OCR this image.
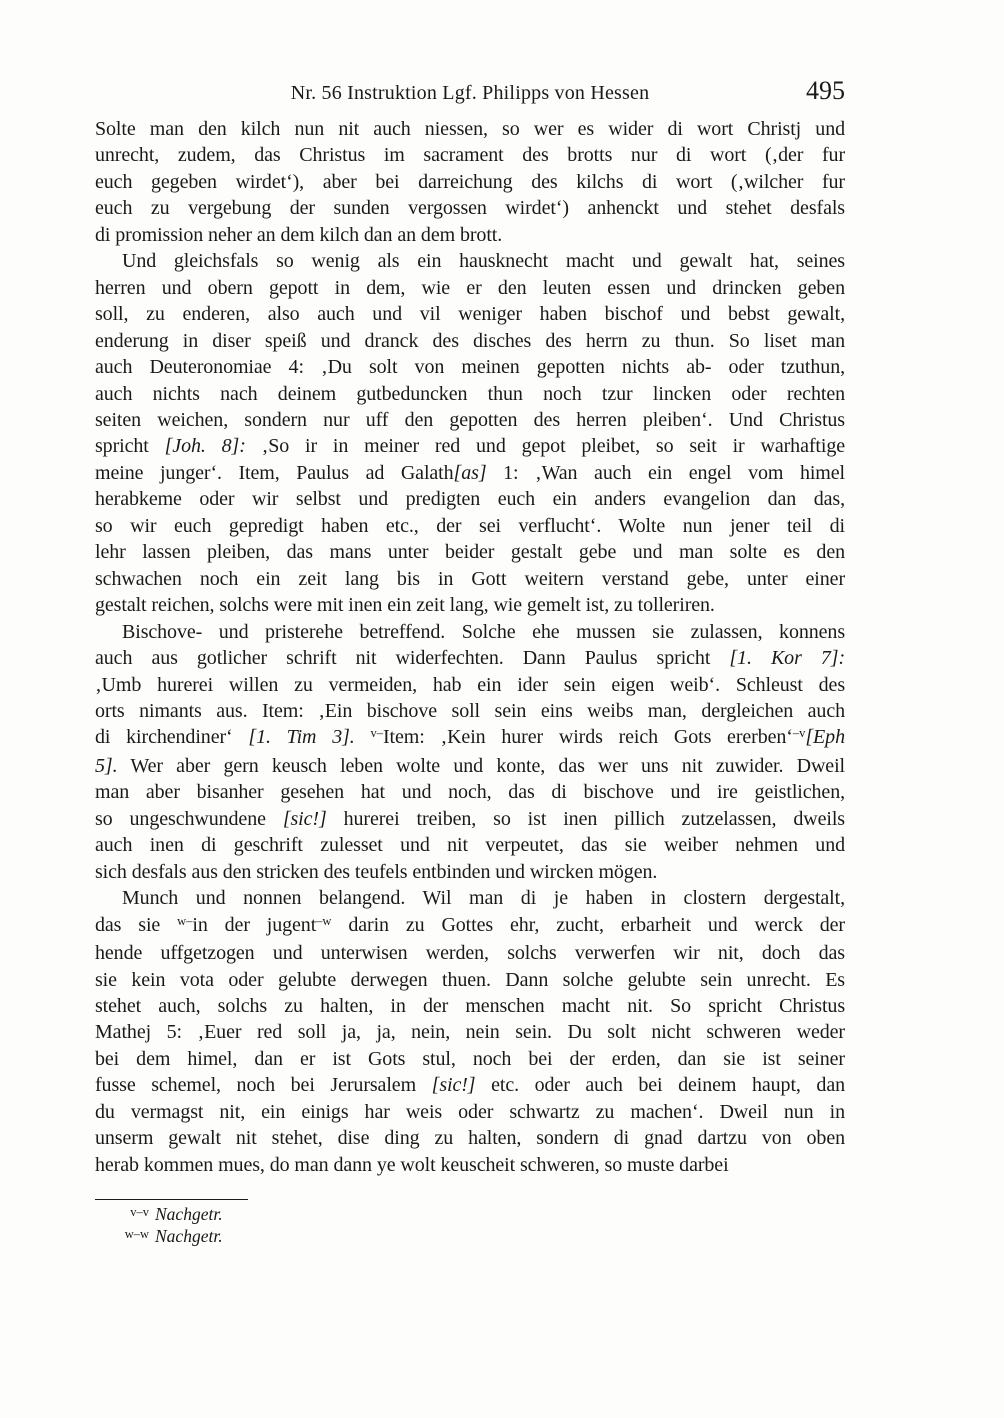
Nr. 56 Instruktion Lgf. Philipps von Hessen	495
Solte man den kilch nun nit auch niessen, so wer es wider di wort Christj und
unrecht, zudem, das Christus im sacrament des brotts nur di wort (‚der fur
euch gegeben wirdet‘), aber bei darreichung des kilchs di wort (‚wilcher fur
euch zu vergebung der sunden vergossen wirdet‘) anhenckt und stehet desfals
di promission neher an dem kilch dan an dem brott.
Und gleichsfals so wenig als ein hausknecht macht und gewalt hat, seines
herren und obern gepott in dem, wie er den leuten essen und drincken geben
soll, zu enderen, also auch und vil weniger haben bischof und bebst gewalt,
enderung in diser speiß und dranck des disches des herrn zu thun. So liset man
auch Deuteronomiae 4: ‚Du solt von meinen gepotten nichts ab- oder tzuthun,
auch nichts nach deinem gutbeduncken thun noch tzur lincken oder rechten
seiten weichen, sondern nur uff den gepotten des herren pleiben‘. Und Christus
spricht [Joh. 8]: ‚So ir in meiner red und gepot pleibet, so seit ir warhaftige
meine junger‘. Item, Paulus ad Galath[as] 1: ‚Wan auch ein engel vom himel
herabkeme oder wir selbst und predigten euch ein anders evangelion dan das,
so wir euch gepredigt haben etc., der sei verflucht‘. Wolte nun jener teil di
lehr lassen pleiben, das mans unter beider gestalt gebe und man solte es den
schwachen noch ein zeit lang bis in Gott weitern verstand gebe, unter einer
gestalt reichen, solchs were mit inen ein zeit lang, wie gemelt ist, zu tolleriren.
Bischove- und pristerehe betreffend. Solche ehe mussen sie zulassen, konnens
auch aus gotlicher schrift nit widerfechten. Dann Paulus spricht [1. Kor 7]:
‚Umb hurerei willen zu vermeiden, hab ein ider sein eigen weib‘. Schleust des
orts nimants aus. Item: ‚Ein bischove soll sein eins weibs man, dergleichen auch
di kirchendiner‘ [1. Tim 3]. $^{v-}$Item: ‚Kein hurer wirds reich Gots ererben‘$^{-v}$[Eph
5]. Wer aber gern keusch leben wolte und konte, das wer uns nit zuwider. Dweil
man aber bisanher gesehen hat und noch, das di bischove und ire geistlichen,
so ungeschwundene [sic!] hurerei treiben, so ist inen pillich zutzelassen, dweils
auch inen di geschrift zulesset und nit verpeutet, das sie weiber nehmen und
sich desfals aus den stricken des teufels entbinden und wircken mögen.
Munch und nonnen belangend. Wil man di je haben in clostern dergestalt,
das sie $^{w-}$in der jugent$^{-w}$ darin zu Gottes ehr, zucht, erbarheit und werck der
hende uffgetzogen und unterwisen werden, solchs verwerfen wir nit, doch das
sie kein vota oder gelubte derwegen thuen. Dann solche gelubte sein unrecht. Es
stehet auch, solchs zu halten, in der menschen macht nit. So spricht Christus
Mathej 5: ‚Euer red soll ja, ja, nein, nein sein. Du solt nicht schweren weder
bei dem himel, dan er ist Gots stul, noch bei der erden, dan sie ist seiner
fusse schemel, noch bei Jerursalem [sic!] etc. oder auch bei deinem haupt, dan
du vermagst nit, ein einigs har weis oder schwartz zu machen‘. Dweil nun in
unserm gewalt nit stehet, dise ding zu halten, sondern di gnad dartzu von oben
herab kommen mues, do man dann ye wolt keuscheit schweren, so muste darbei
v–v Nachgetr.
w–w Nachgetr.
